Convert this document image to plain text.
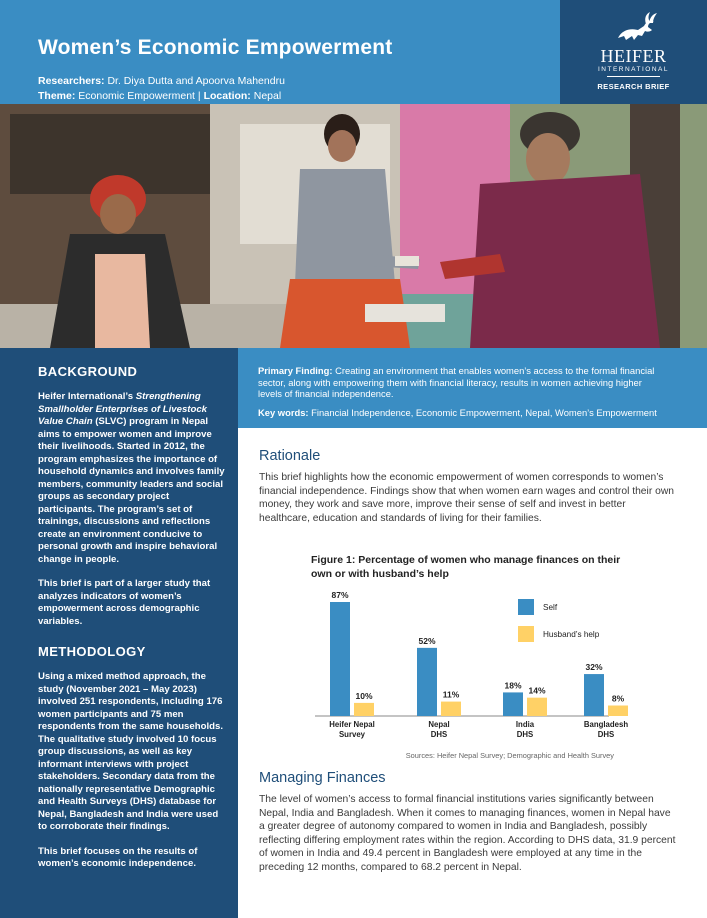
Women’s Economic Empowerment
Researchers: Dr. Diya Dutta and Apoorva Mahendru
Theme: Economic Empowerment | Location: Nepal
HEIFER
INTERNATIONAL
RESEARCH BRIEF
BACKGROUND
Heifer International’s Strengthening Smallholder Enterprises of Livestock Value Chain (SLVC) program in Nepal aims to empower women and improve their livelihoods. Started in 2012, the program emphasizes the importance of household dynamics and involves family members, community leaders and social groups as secondary project participants. The program’s set of trainings, discussions and reflections create an environment conducive to personal growth and inspire behavioral change in people.
This brief is part of a larger study that analyzes indicators of women’s empowerment across demographic variables.
METHODOLOGY
Using a mixed method approach, the study (November 2021 – May 2023) involved 251 respondents, including 176 women participants and 75 men respondents from the same households. The qualitative study involved 10 focus group discussions, as well as key informant interviews with project stakeholders. Secondary data from the nationally representative Demographic and Health Surveys (DHS) database for Nepal, Bangladesh and India were used to corroborate their findings.
This brief focuses on the results of women’s economic independence.

Primary Finding: Creating an environment that enables women’s access to the formal financial sector, along with empowering them with financial literacy, results in women achieving higher levels of financial independence.

Key words: Financial Independence, Economic Empowerment, Nepal, Women’s Empowerment

Rationale
This brief highlights how the economic empowerment of women corresponds to women’s financial independence. Findings show that when women earn wages and control their own money, they work and save more, improve their sense of self and invest in better healthcare, education and standards of living for their families.
Figure 1: Percentage of women who manage finances on their own or with husband’s help
87%
10%
Heifer Nepal
Survey
52%
11%
Nepal
DHS
18%
14%
India
DHS
32%
8%
Bangladesh
DHS
Self
Husband’s help
Sources: Heifer Nepal Survey; Demographic and Health Survey
Managing Finances
The level of women’s access to formal financial institutions varies significantly between Nepal, India and Bangladesh. When it comes to managing finances, women in Nepal have a greater degree of autonomy compared to women in India and Bangladesh, possibly reflecting differing employment rates within the region. According to DHS data, 31.9 percent of women in India and 49.4 percent in Bangladesh were employed at any time in the preceding 12 months, compared to 68.2 percent in Nepal.
